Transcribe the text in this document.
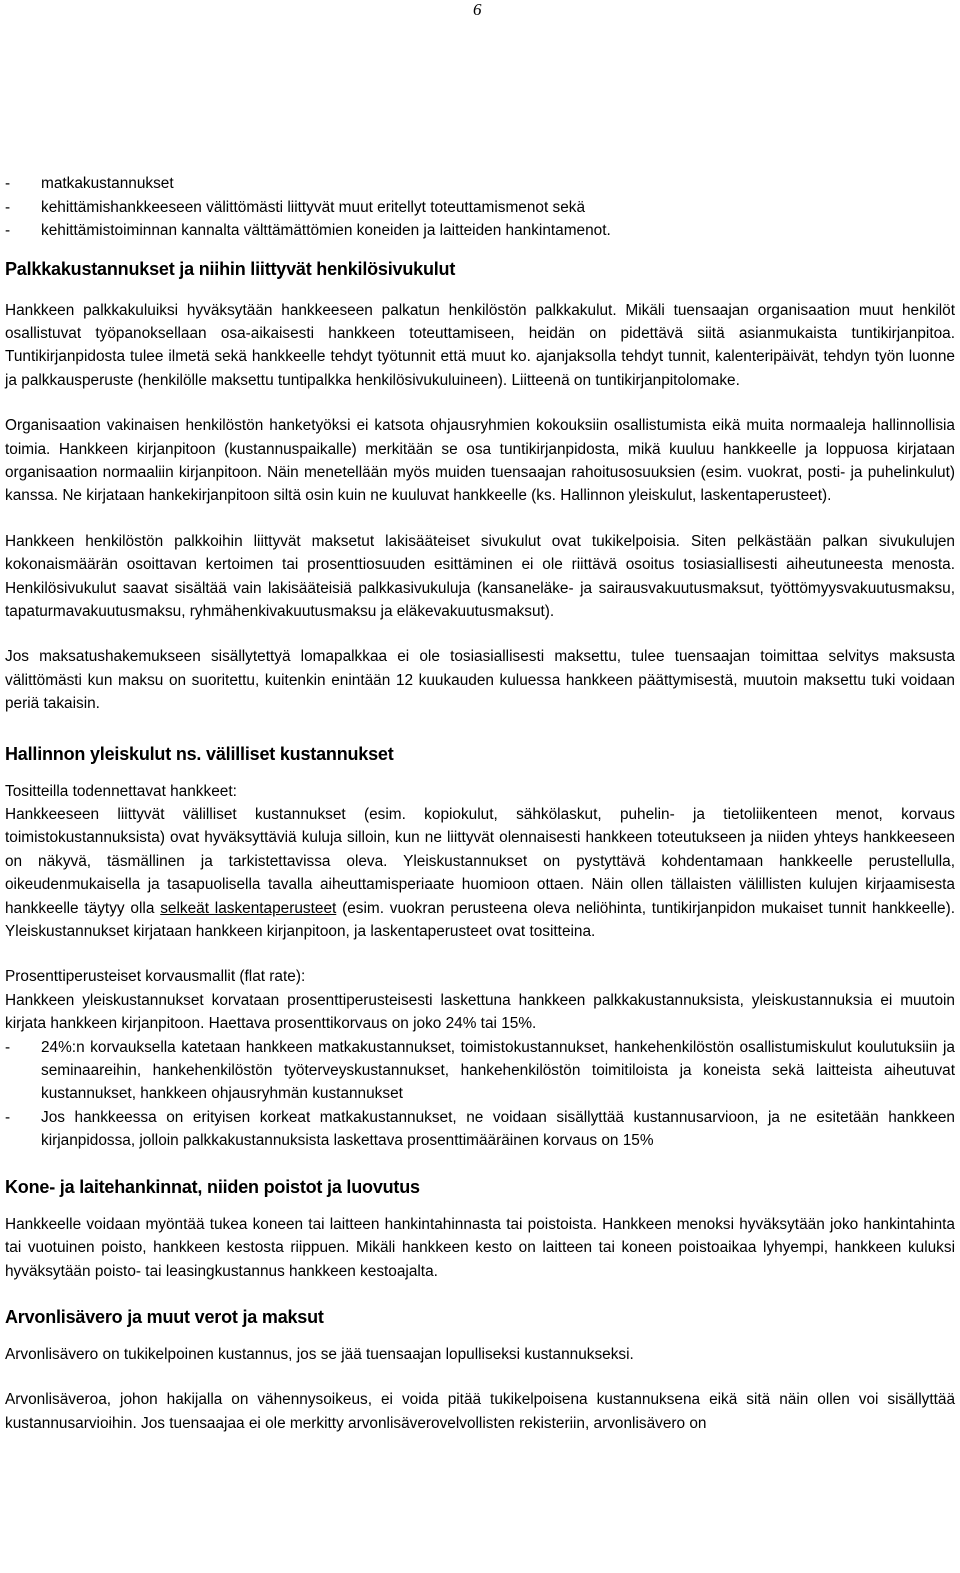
6
-	matkakustannukset
-	kehittämishankkeeseen välittömästi liittyvät muut eritellyt toteuttamismenot sekä
-	kehittämistoiminnan kannalta välttämättömien koneiden ja laitteiden hankintamenot.
Palkkakustannukset ja niihin liittyvät henkilösivukulut

Hankkeen palkkakuluiksi hyväksytään hankkeeseen palkatun henkilöstön palkkakulut. Mikäli tuensaajan organisaation muut henkilöt osallistuvat työpanoksellaan osa-aikaisesti hankkeen toteuttamiseen, heidän on pidettävä siitä asianmukaista tuntikirjanpitoa. Tuntikirjanpidosta tulee ilmetä sekä hankkeelle tehdyt työtunnit että muut ko. ajanjaksolla tehdyt tunnit, kalenteripäivät, tehdyn työn luonne ja palkkausperuste (henkilölle maksettu tuntipalkka henkilösivukuluineen). Liitteenä on tuntikirjanpitolomake.

Organisaation vakinaisen henkilöstön hanketyöksi ei katsota ohjausryhmien kokouksiin osallistumista eikä muita normaaleja hallinnollisia toimia. Hankkeen kirjanpitoon (kustannuspaikalle) merkitään se osa tuntikirjanpidosta, mikä kuuluu hankkeelle ja loppuosa kirjataan organisaation normaaliin kirjanpitoon. Näin menetellään myös muiden tuensaajan rahoitusosuuksien (esim. vuokrat, posti- ja puhelinkulut) kanssa. Ne kirjataan hankekirjanpitoon siltä osin kuin ne kuuluvat hankkeelle (ks. Hallinnon yleiskulut, laskentaperusteet).

Hankkeen henkilöstön palkkoihin liittyvät maksetut lakisääteiset sivukulut ovat tukikelpoisia. Siten pelkästään palkan sivukulujen kokonaismäärän osoittavan kertoimen tai prosenttiosuuden esittäminen ei ole riittävä osoitus tosiasiallisesti aiheutuneesta menosta. Henkilösivukulut saavat sisältää vain lakisääteisiä palkkasivukuluja (kansaneläke- ja sairausvakuutusmaksut, työttömyysvakuutusmaksu, tapaturmavakuutusmaksu, ryhmähenkivakuutusmaksu ja eläkevakuutusmaksut).

Jos maksatushakemukseen sisällytettyä lomapalkkaa ei ole tosiasiallisesti maksettu, tulee tuensaajan toimittaa selvitys maksusta välittömästi kun maksu on suoritettu, kuitenkin enintään 12 kuukauden kuluessa hankkeen päättymisestä, muutoin maksettu tuki voidaan periä takaisin.

Hallinnon yleiskulut ns. välilliset kustannukset

Tositteilla todennettavat hankkeet:

Hankkeeseen liittyvät välilliset kustannukset (esim. kopiokulut, sähkölaskut, puhelin- ja tietoliikenteen menot, korvaus toimistokustannuksista) ovat hyväksyttäviä kuluja silloin, kun ne liittyvät olennaisesti hankkeen toteutukseen ja niiden yhteys hankkeeseen on näkyvä, täsmällinen ja tarkistettavissa oleva. Yleiskustannukset on pystyttävä kohdentamaan hankkeelle perustellulla, oikeudenmukaisella ja tasapuolisella tavalla aiheuttamisperiaate huomioon ottaen. Näin ollen tällaisten välillisten kulujen kirjaamisesta hankkeelle täytyy olla selkeät laskentaperusteet (esim. vuokran perusteena oleva neliöhinta, tuntikirjanpidon mukaiset tunnit hankkeelle). Yleiskustannukset kirjataan hankkeen kirjanpitoon, ja laskentaperusteet ovat tositteina.

Prosenttiperusteiset korvausmallit (flat rate):

Hankkeen yleiskustannukset korvataan prosenttiperusteisesti laskettuna hankkeen palkkakustannuksista, yleiskustannuksia ei muutoin kirjata hankkeen kirjanpitoon. Haettava prosenttikorvaus on joko 24% tai 15%.

-	24%:n korvauksella katetaan hankkeen matkakustannukset, toimistokustannukset, hankehenkilöstön osallistumiskulut koulutuksiin ja seminaareihin, hankehenkilöstön työterveyskustannukset, hankehenkilöstön toimitiloista ja koneista sekä laitteista aiheutuvat kustannukset, hankkeen ohjausryhmän kustannukset
-	Jos hankkeessa on erityisen korkeat matkakustannukset, ne voidaan sisällyttää kustannusarvioon, ja ne esitetään hankkeen kirjanpidossa, jolloin palkkakustannuksista laskettava prosenttimääräinen korvaus on 15%
Kone- ja laitehankinnat, niiden poistot ja luovutus

Hankkeelle voidaan myöntää tukea koneen tai laitteen hankintahinnasta tai poistoista. Hankkeen menoksi hyväksytään joko hankintahinta tai vuotuinen poisto, hankkeen kestosta riippuen. Mikäli hankkeen kesto on laitteen tai koneen poistoaikaa lyhyempi, hankkeen kuluksi hyväksytään poisto- tai leasingkustannus hankkeen kestoajalta.

Arvonlisävero ja muut verot ja maksut

Arvonlisävero on tukikelpoinen kustannus, jos se jää tuensaajan lopulliseksi kustannukseksi.

Arvonlisäveroa, johon hakijalla on vähennysoikeus, ei voida pitää tukikelpoisena kustannuksena eikä sitä näin ollen voi sisällyttää kustannusarvioihin. Jos tuensaajaa ei ole merkitty arvonlisäverovelvollisten rekisteriin, arvonlisävero on
